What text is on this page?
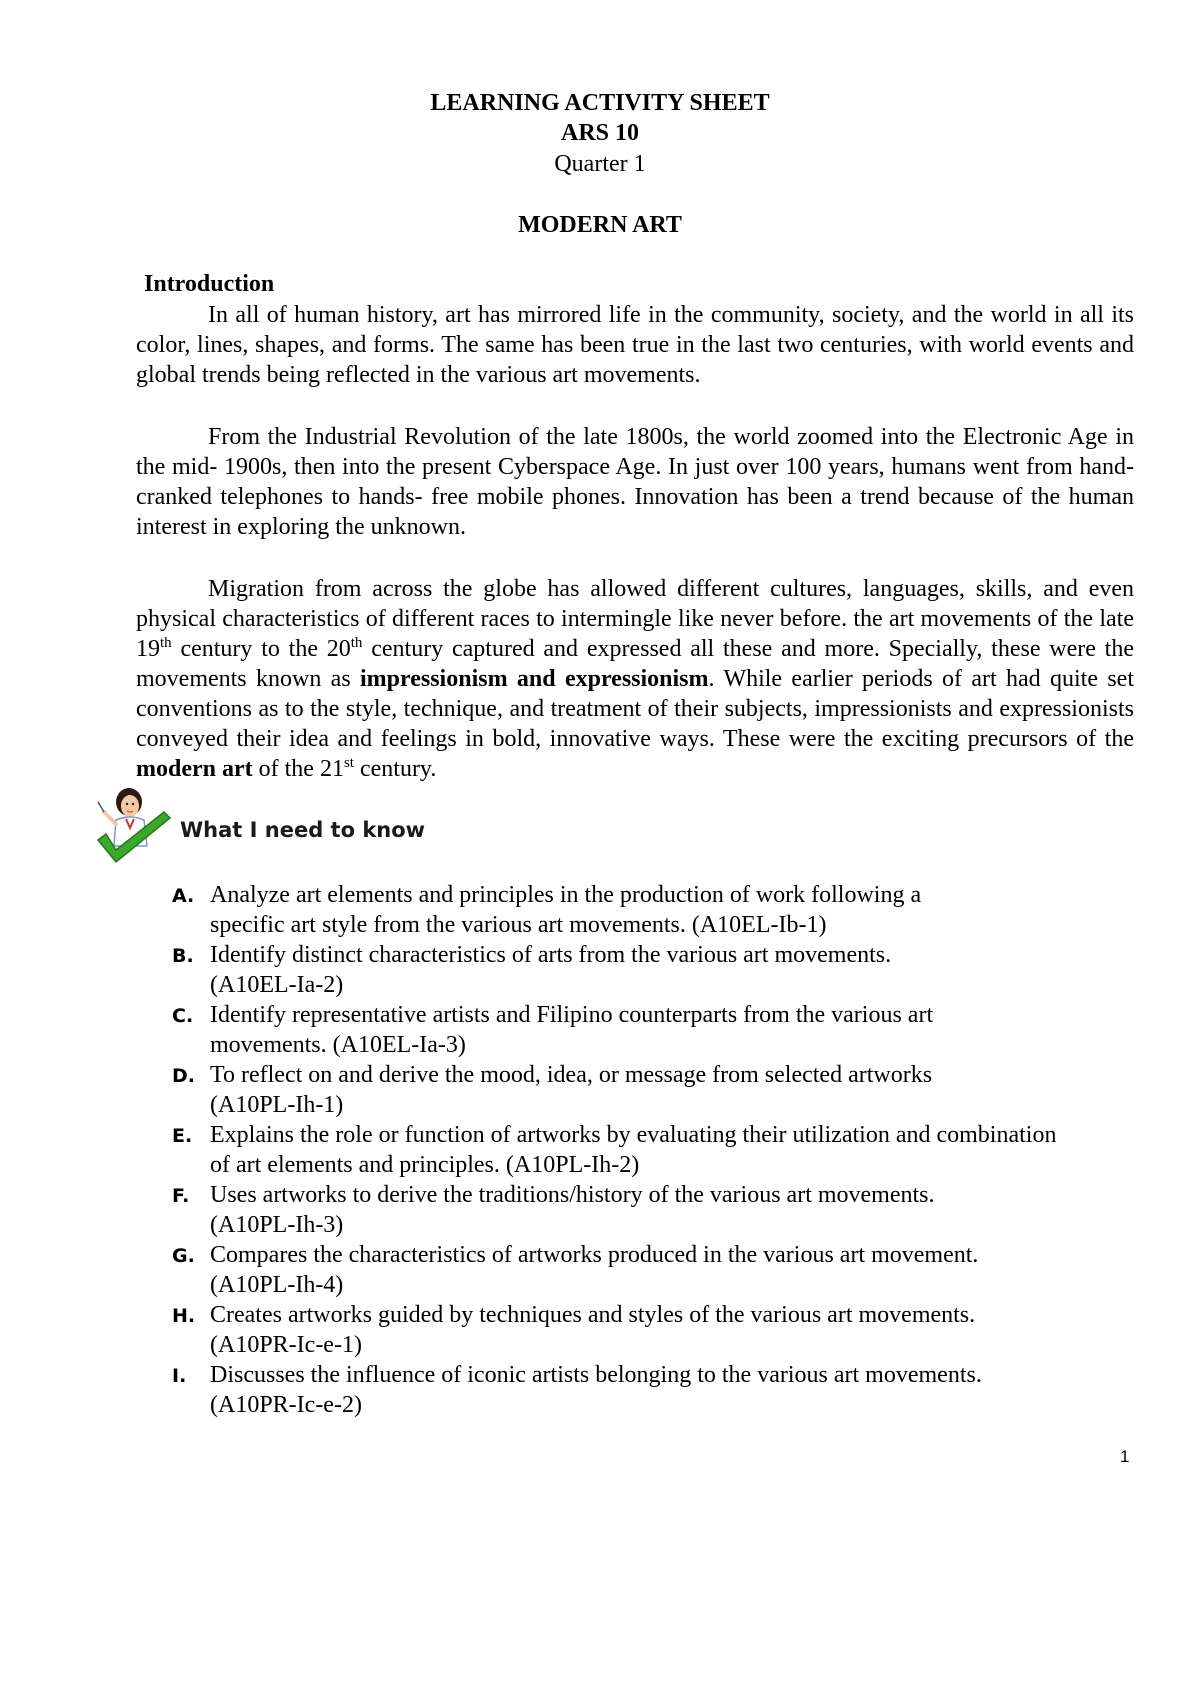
LEARNING ACTIVITY SHEET
ARS 10
Quarter 1
MODERN ART
Introduction

In all of human history, art has mirrored life in the community, society, and the world in all its color, lines, shapes, and forms. The same has been true in the last two centuries, with world events and global trends being reflected in the various art movements.

From the Industrial Revolution of the late 1800s, the world zoomed into the Electronic Age in the mid- 1900s, then into the present Cyberspace Age. In just over 100 years, humans went from hand-cranked telephones to hands- free mobile phones. Innovation has been a trend because of the human interest in exploring the unknown.

Migration from across the globe has allowed different cultures, languages, skills, and even physical characteristics of different races to intermingle like never before. the art movements of the late 19th century to the 20th century captured and expressed all these and more. Specially, these were the movements known as impressionism and expressionism. While earlier periods of art had quite set conventions as to the style, technique, and treatment of their subjects, impressionists and expressionists conveyed their idea and feelings in bold, innovative ways. These were the exciting precursors of the modern art of the 21st century.

What I need to know
A. Analyze art elements and principles in the production of work following a
specific art style from the various art movements. (A10EL-Ib-1)
B. Identify distinct characteristics of arts from the various art movements.
(A10EL-Ia-2)
C. Identify representative artists and Filipino counterparts from the various art
movements. (A10EL-Ia-3)
D. To reflect on and derive the mood, idea, or message from selected artworks
(A10PL-Ih-1)
E. Explains the role or function of artworks by evaluating their utilization and combination
of art elements and principles. (A10PL-Ih-2)
F. Uses artworks to derive the traditions/history of the various art movements.
(A10PL-Ih-3)
G. Compares the characteristics of artworks produced in the various art movement.
(A10PL-Ih-4)
H. Creates artworks guided by techniques and styles of the various art movements.
(A10PR-Ic-e-1)
I. Discusses the influence of iconic artists belonging to the various art movements.
(A10PR-Ic-e-2)
1
